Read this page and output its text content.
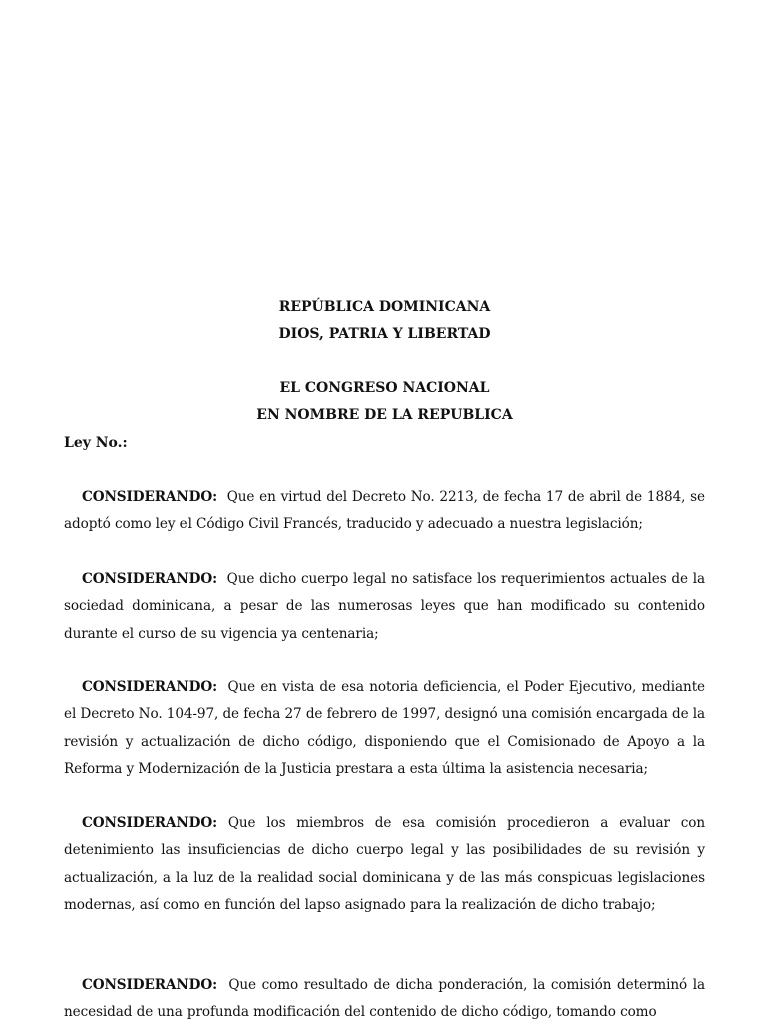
REPÚBLICA DOMINICANA
DIOS, PATRIA Y LIBERTAD
EL CONGRESO NACIONAL
EN NOMBRE DE LA REPUBLICA
Ley No.:
CONSIDERANDO: Que en virtud del Decreto No. 2213, de fecha 17 de abril de 1884, se adoptó como ley el Código Civil Francés, traducido y adecuado a nuestra legislación;
CONSIDERANDO: Que dicho cuerpo legal no satisface los requerimientos actuales de la sociedad dominicana, a pesar de las numerosas leyes que han modificado su contenido durante el curso de su vigencia ya centenaria;
CONSIDERANDO: Que en vista de esa notoria deficiencia, el Poder Ejecutivo, mediante el Decreto No. 104-97, de fecha 27 de febrero de 1997, designó una comisión encargada de la revisión y actualización de dicho código, disponiendo que el Comisionado de Apoyo a la Reforma y Modernización de la Justicia prestara a esta última la asistencia necesaria;
CONSIDERANDO: Que los miembros de esa comisión procedieron a evaluar con detenimiento las insuficiencias de dicho cuerpo legal y las posibilidades de su revisión y actualización, a la luz de la realidad social dominicana y de las más conspicuas legislaciones modernas, así como en función del lapso asignado para la realización de dicho trabajo;
CONSIDERANDO: Que como resultado de dicha ponderación, la comisión determinó la necesidad de una profunda modificación del contenido de dicho código, tomando como
